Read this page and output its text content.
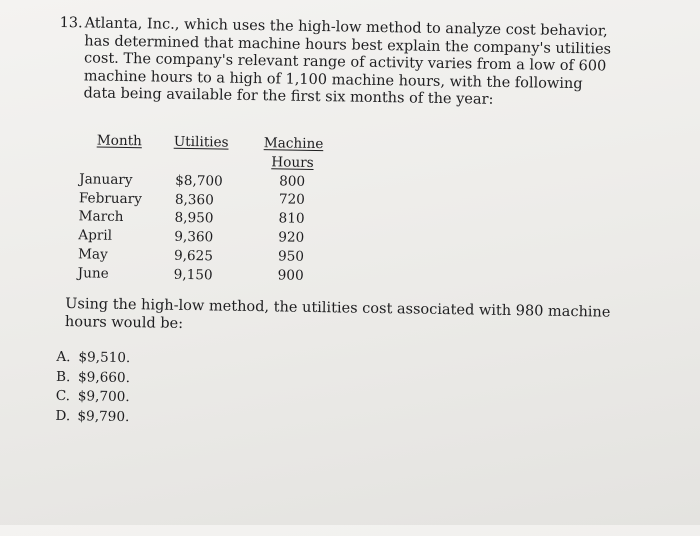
13. Atlanta, Inc., which uses the high-low method to analyze cost behavior, has determined that machine hours best explain the company's utilities cost. The company's relevant range of activity varies from a low of 600 machine hours to a high of 1,100 machine hours, with the following data being available for the first six months of the year:
Month
January
February
March
April
May
June
Utilities
$8,700
8,360
8,950
9,360
9,625
9,150
Machine
Hours
800
720
810
920
950
900
Using the high-low method, the utilities cost associated with 980 machine hours would be:
A. $9,510.
B. $9,660.
C. $9,700.
D. $9,790.
